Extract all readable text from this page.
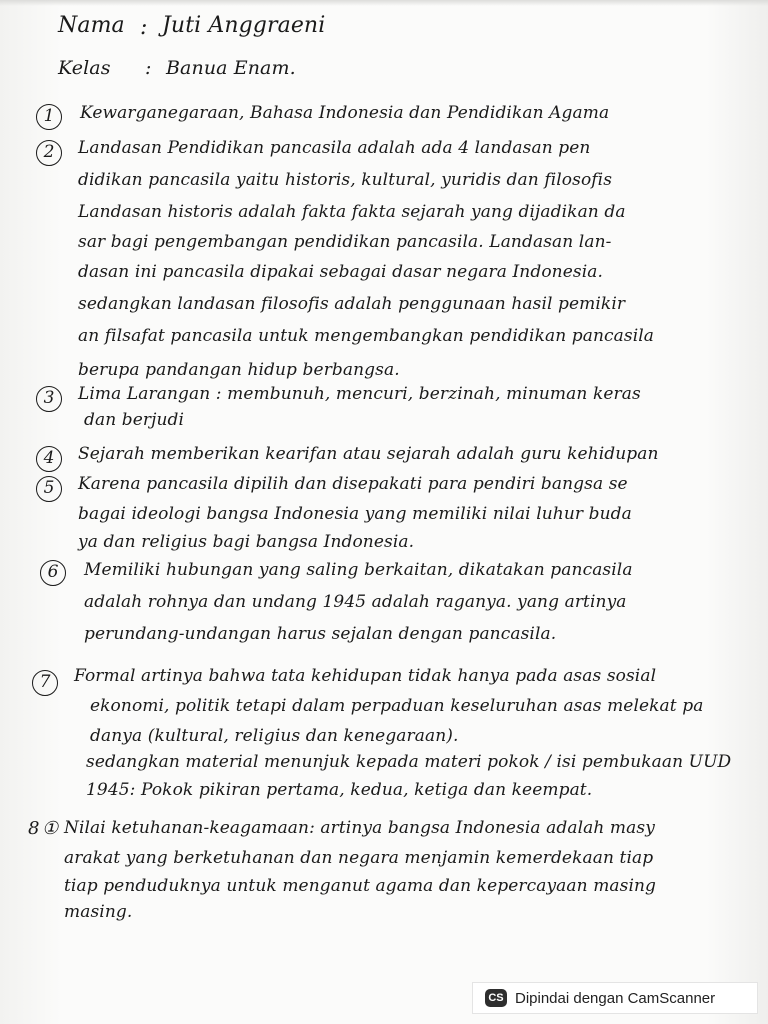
Nama : Juti Anggraeni
Kelas : Banua Enam.
1	Kewarganegaraan, Bahasa Indonesia dan Pendidikan Agama
2	Landasan Pendidikan pancasila adalah ada 4 landasan pen
didikan pancasila yaitu historis, kultural, yuridis dan filosofis
Landasan historis adalah fakta fakta sejarah yang dijadikan da
sar bagi pengembangan pendidikan pancasila. Landasan lan-
dasan ini pancasila dipakai sebagai dasar negara Indonesia.
sedangkan landasan filosofis adalah penggunaan hasil pemikir
an filsafat pancasila untuk mengembangkan pendidikan pancasila
berupa pandangan hidup berbangsa.
3	Lima Larangan : membunuh, mencuri, berzinah, minuman keras
dan berjudi
4	Sejarah memberikan kearifan atau sejarah adalah guru kehidupan
5	Karena pancasila dipilih dan disepakati para pendiri bangsa se
bagai ideologi bangsa Indonesia yang memiliki nilai luhur buda
ya dan religius bagi bangsa Indonesia.
6	Memiliki hubungan yang saling berkaitan, dikatakan pancasila
adalah rohnya dan undang 1945 adalah raganya. yang artinya
perundang-undangan harus sejalan dengan pancasila.
7	Formal artinya bahwa tata kehidupan tidak hanya pada asas sosial
ekonomi, politik tetapi dalam perpaduan keseluruhan asas melekat pa
danya (kultural, religius dan kenegaraan).
sedangkan material menunjuk kepada materi pokok / isi pembukaan UUD
1945: Pokok pikiran pertama, kedua, ketiga dan keempat.
8 ① Nilai ketuhanan-keagamaan: artinya bangsa Indonesia adalah masy
arakat yang berketuhanan dan negara menjamin kemerdekaan tiap
tiap penduduknya untuk menganut agama dan kepercayaan masing
masing.
CS Dipindai dengan CamScanner
